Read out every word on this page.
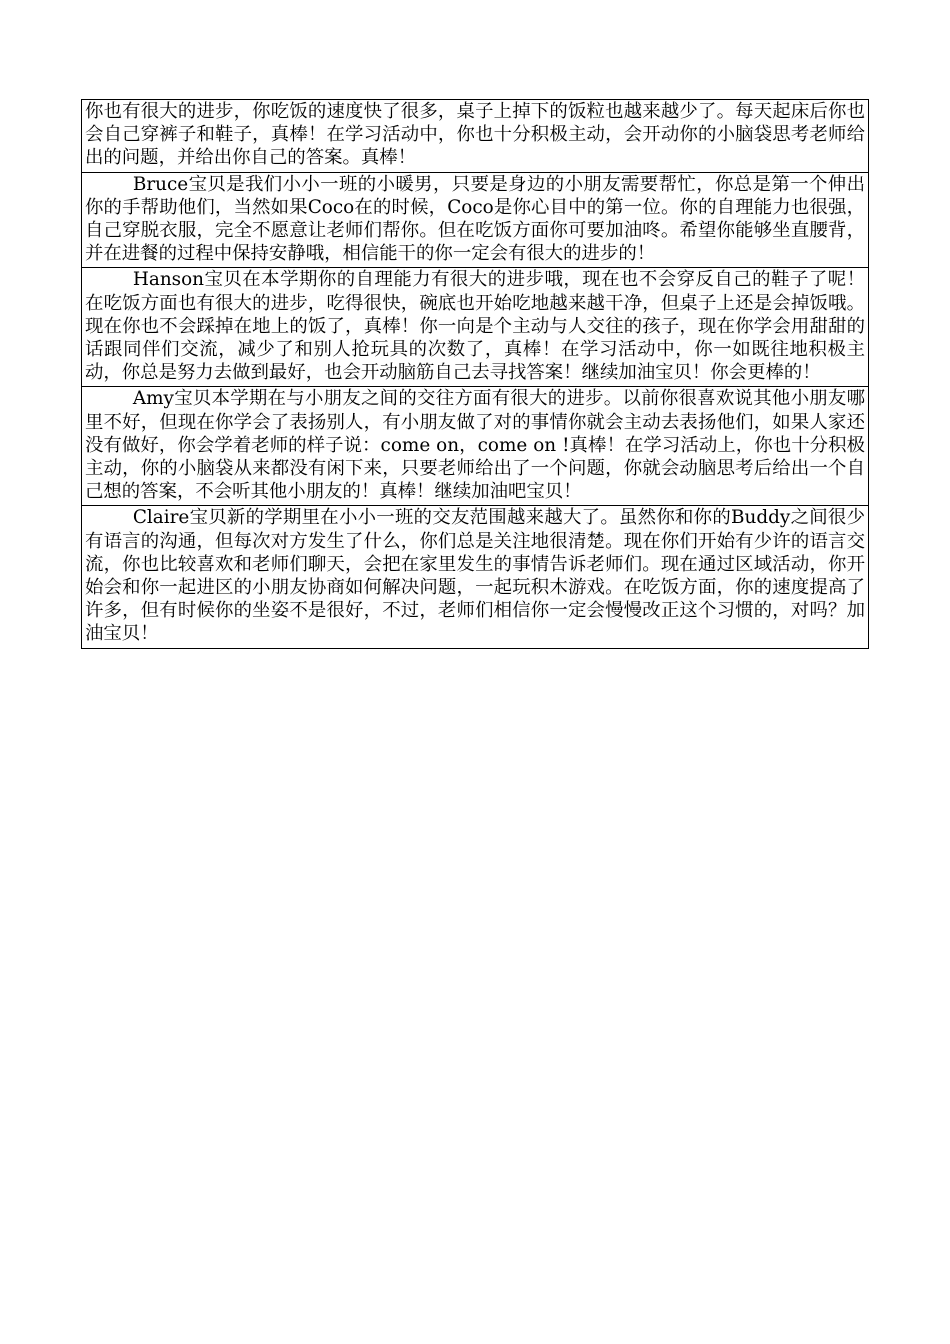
你也有很大的进步，你吃饭的速度快了很多，桌子上掉下的饭粒也越来越少了。每天起床后你也会自己穿裤子和鞋子，真棒！在学习活动中，你也十分积极主动，会开动你的小脑袋思考老师给出的问题，并给出你自己的答案。真棒！

Bruce宝贝是我们小小一班的小暖男，只要是身边的小朋友需要帮忙，你总是第一个伸出你的手帮助他们，当然如果Coco在的时候，Coco是你心目中的第一位。你的自理能力也很强，自己穿脱衣服，完全不愿意让老师们帮你。但在吃饭方面你可要加油咚。希望你能够坐直腰背，并在进餐的过程中保持安静哦，相信能干的你一定会有很大的进步的！

Hanson宝贝在本学期你的自理能力有很大的进步哦，现在也不会穿反自己的鞋子了呢！在吃饭方面也有很大的进步，吃得很快，碗底也开始吃地越来越干净，但桌子上还是会掉饭哦。现在你也不会踩掉在地上的饭了，真棒！你一向是个主动与人交往的孩子，现在你学会用甜甜的话跟同伴们交流，减少了和别人抢玩具的次数了，真棒！在学习活动中，你一如既往地积极主动，你总是努力去做到最好，也会开动脑筋自己去寻找答案！继续加油宝贝！你会更棒的！

Amy宝贝本学期在与小朋友之间的交往方面有很大的进步。以前你很喜欢说其他小朋友哪里不好，但现在你学会了表扬别人，有小朋友做了对的事情你就会主动去表扬他们，如果人家还没有做好，你会学着老师的样子说：come on，come on !真棒！在学习活动上，你也十分积极主动，你的小脑袋从来都没有闲下来，只要老师给出了一个问题，你就会动脑思考后给出一个自己想的答案，不会听其他小朋友的！真棒！继续加油吧宝贝！

Claire宝贝新的学期里在小小一班的交友范围越来越大了。虽然你和你的Buddy之间很少有语言的沟通，但每次对方发生了什么，你们总是关注地很清楚。现在你们开始有少许的语言交流，你也比较喜欢和老师们聊天，会把在家里发生的事情告诉老师们。现在通过区域活动，你开始会和你一起进区的小朋友协商如何解决问题，一起玩积木游戏。在吃饭方面，你的速度提高了许多，但有时候你的坐姿不是很好，不过，老师们相信你一定会慢慢改正这个习惯的，对吗？加油宝贝！
